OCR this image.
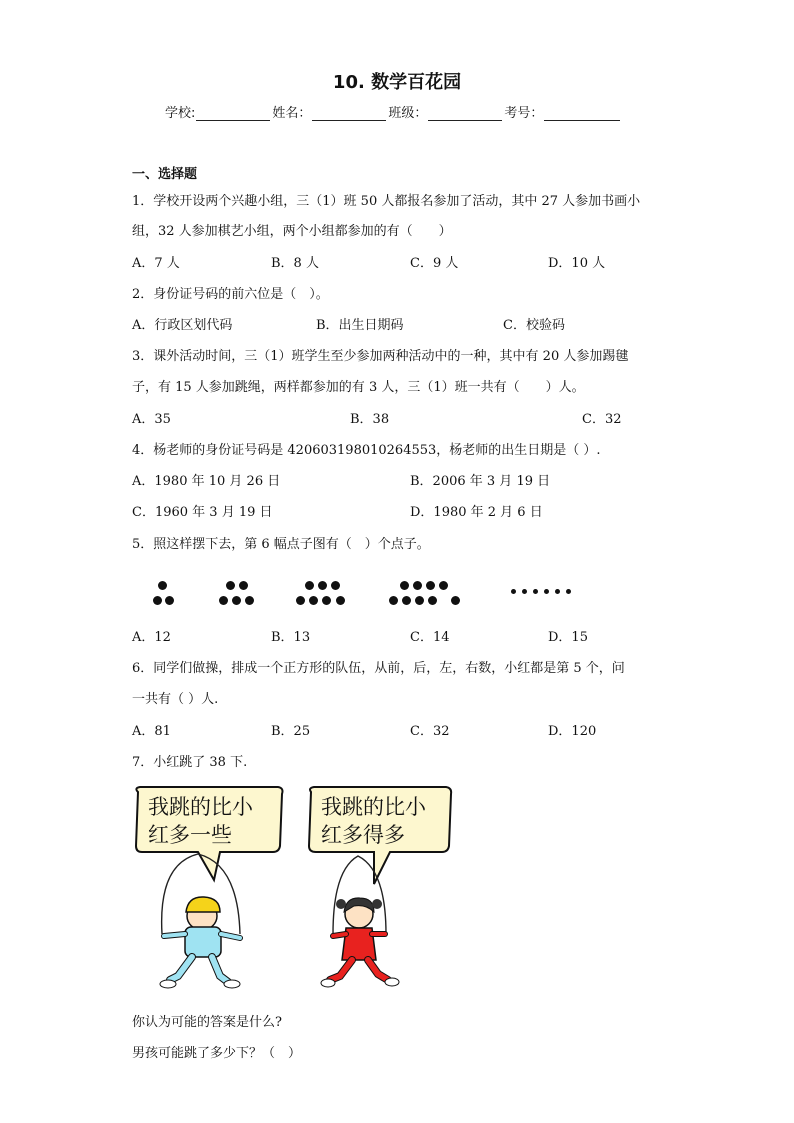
10. 数学百花园
学校:	姓名：	班级：	考号：
一、选择题
1．学校开设两个兴趣小组，三（1）班 50 人都报名参加了活动，其中 27 人参加书画小
组，32 人参加棋艺小组，两个小组都参加的有（　　）
A．7 人	B．8 人	C．9 人	D．10 人
2．身份证号码的前六位是（　）。
A．行政区划代码	B．出生日期码	C．校验码
3．课外活动时间，三（1）班学生至少参加两种活动中的一种，其中有 20 人参加踢毽
子，有 15 人参加跳绳，两样都参加的有 3 人，三（1）班一共有（　　）人。
A．35	B．38	C．32
4．杨老师的身份证号码是 420603198010264553，杨老师的出生日期是（ ）.
A．1980 年 10 月 26 日	B．2006 年 3 月 19 日
C．1960 年 3 月 19 日	D．1980 年 2 月 6 日
5．照这样摆下去，第 6 幅点子图有（　）个点子。
A．12	B．13	C．14	D．15
6．同学们做操，排成一个正方形的队伍，从前，后，左，右数，小红都是第 5 个，问
一共有（ ）人.
A．81	B．25	C．32	D．120
7．小红跳了 38 下.
我跳的比小
红多一些
我跳的比小
红多得多
你认为可能的答案是什么?
男孩可能跳了多少下？（　）
